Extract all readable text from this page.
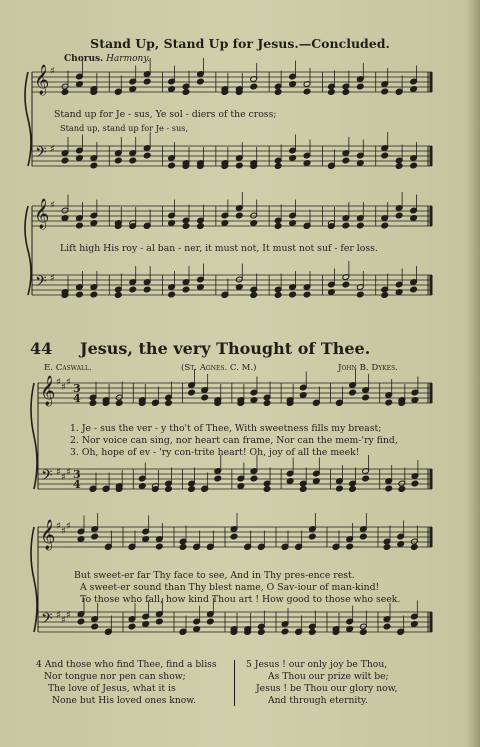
𝄞
𝄢
♯
♯
𝄞
𝄢
♯
♯
𝄞
𝄢
♯ ♯ ♯
♯ ♯ ♯
3
4
3
4
𝄞
𝄢
♯ ♯ ♯
♯ ♯ ♯
Stand Up, Stand Up for Jesus.—Concluded.
Chorus. Harmony.
Stand up for Je - sus, Ye sol - diers of the cross;
Stand up, stand up for Je - sus,
Lift high His roy - al ban - ner, it must not, It must not suf - fer loss.
44 Jesus, the very Thought of Thee.
E. Caswall.	(St. Agnes. C. M.)	John B. Dykes.
1. Je - sus the ver - y tho't of Thee, With sweetness fills my breast;
2. Nor voice can sing, nor heart can frame, Nor can the mem-'ry find,
3. Oh, hope of ev - 'ry con-trite heart! Oh, joy of all the meek!
But sweet-er far Thy face to see, And in Thy pres-ence rest.
A sweet-er sound than Thy blest name, O Sav-iour of man-kind!
To those who fall, how kind Thou art ! How good to those who seek.
4 And those who find Thee, find a bliss
Nor tongue nor pen can show;
The love of Jesus, what it is
None but His loved ones know.
5 Jesus ! our only joy be Thou,
As Thou our prize wilt be;
Jesus ! be Thou our glory now,
And through eternity.
